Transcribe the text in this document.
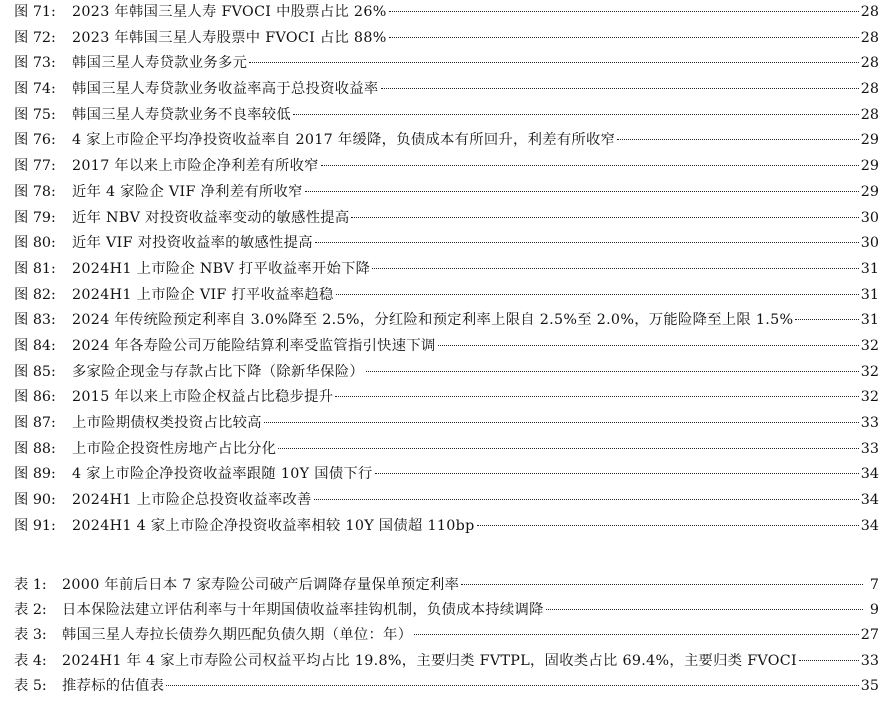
图 71:	2023 年韩国三星人寿 FVOCI 中股票占比 26%	28
图 72:	2023 年韩国三星人寿股票中 FVOCI 占比 88%	28
图 73:	韩国三星人寿贷款业务多元	28
图 74:	韩国三星人寿贷款业务收益率高于总投资收益率	28
图 75:	韩国三星人寿贷款业务不良率较低	28
图 76:	4 家上市险企平均净投资收益率自 2017 年缓降，负债成本有所回升，利差有所收窄	29
图 77:	2017 年以来上市险企净利差有所收窄	29
图 78:	近年 4 家险企 VIF 净利差有所收窄	29
图 79:	近年 NBV 对投资收益率变动的敏感性提高	30
图 80:	近年 VIF 对投资收益率的敏感性提高	30
图 81:	2024H1 上市险企 NBV 打平收益率开始下降	31
图 82:	2024H1 上市险企 VIF 打平收益率趋稳	31
图 83:	2024 年传统险预定利率自 3.0%降至 2.5%，分红险和预定利率上限自 2.5%至 2.0%，万能险降至上限 1.5%	31
图 84:	2024 年各寿险公司万能险结算利率受监管指引快速下调	32
图 85:	多家险企现金与存款占比下降（除新华保险）	32
图 86:	2015 年以来上市险企权益占比稳步提升	32
图 87:	上市险期债权类投资占比较高	33
图 88:	上市险企投资性房地产占比分化	33
图 89:	4 家上市险企净投资收益率跟随 10Y 国债下行	34
图 90:	2024H1 上市险企总投资收益率改善	34
图 91:	2024H1 4 家上市险企净投资收益率相较 10Y 国债超 110bp	34
表 1:	2000 年前后日本 7 家寿险公司破产后调降存量保单预定利率	7
表 2:	日本保险法建立评估利率与十年期国债收益率挂钩机制，负债成本持续调降	9
表 3:	韩国三星人寿拉长债券久期匹配负债久期（单位：年）	27
表 4:	2024H1 年 4 家上市寿险公司权益平均占比 19.8%，主要归类 FVTPL，固收类占比 69.4%，主要归类 FVOCI	33
表 5:	推荐标的估值表	35
